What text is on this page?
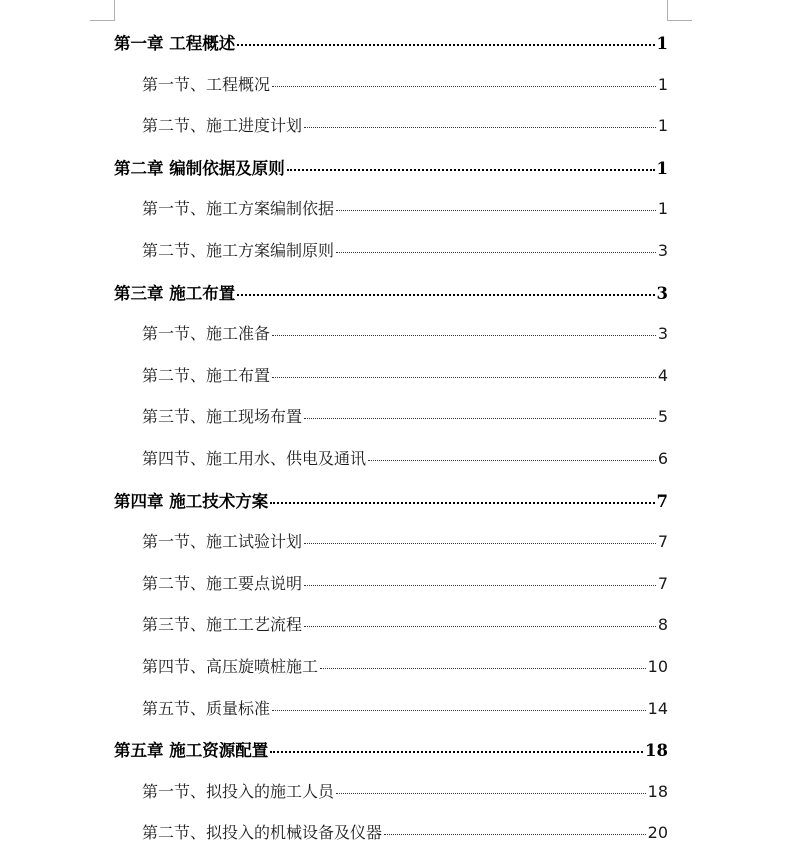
第一章 工程概述	1
第一节、工程概况	1
第二节、施工进度计划	1
第二章 编制依据及原则	1
第一节、施工方案编制依据	1
第二节、施工方案编制原则	3
第三章 施工布置	3
第一节、施工准备	3
第二节、施工布置	4
第三节、施工现场布置	5
第四节、施工用水、供电及通讯	6
第四章 施工技术方案	7
第一节、施工试验计划	7
第二节、施工要点说明	7
第三节、施工工艺流程	8
第四节、高压旋喷桩施工	10
第五节、质量标准	14
第五章 施工资源配置	18
第一节、拟投入的施工人员	18
第二节、拟投入的机械设备及仪器	20
